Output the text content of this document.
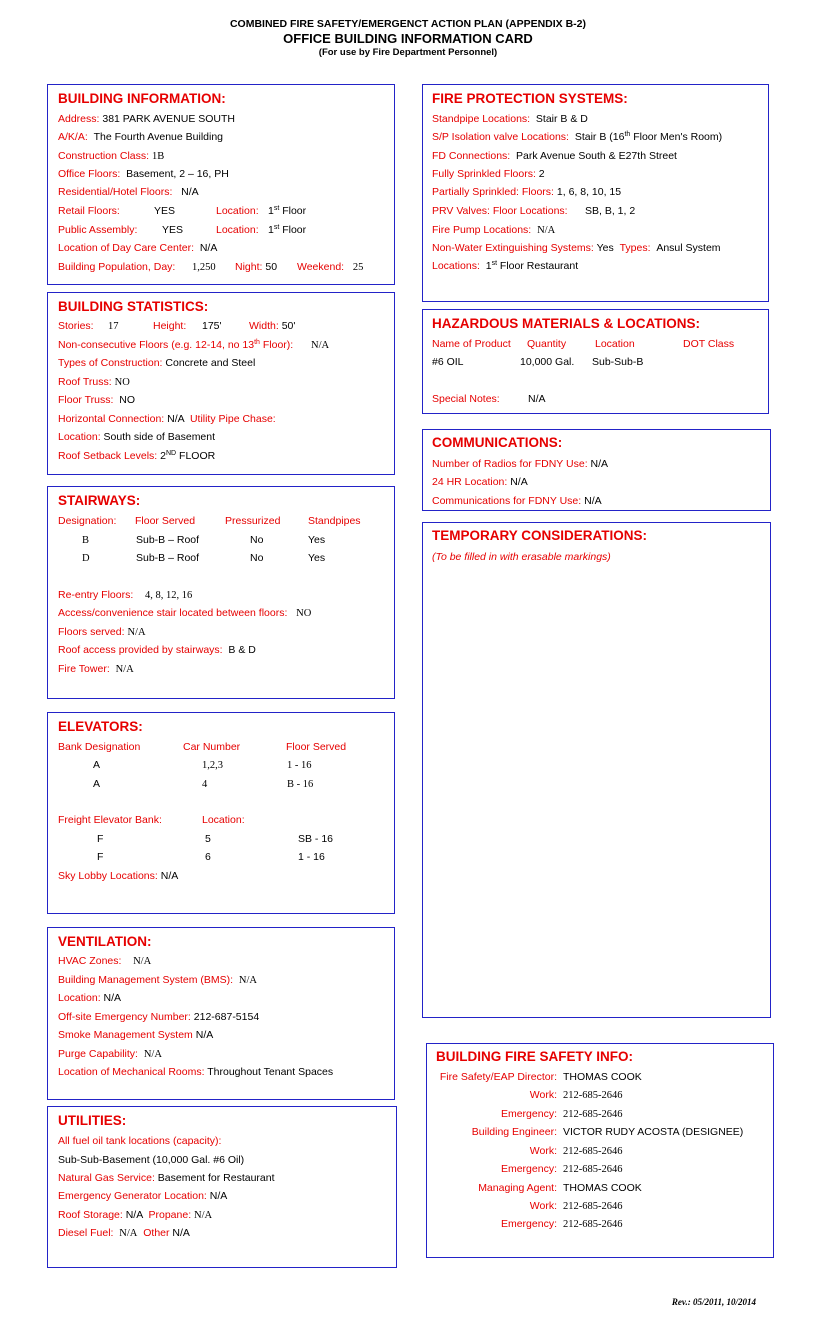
COMBINED FIRE SAFETY/EMERGENCT ACTION PLAN (APPENDIX B-2)
OFFICE BUILDING INFORMATION CARD
(For use by Fire Department Personnel)
BUILDING INFORMATION:
Address: 381 PARK AVENUE SOUTH
A/K/A: The Fourth Avenue Building
Construction Class: 1B
Office Floors: Basement, 2 – 16, PH
Residential/Hotel Floors: N/A
Retail Floors:	YES	Location: 1st Floor
Public Assembly: YES	Location: 1st Floor
Location of Day Care Center: N/A
Building Population, Day: 1,250 Night: 50 Weekend: 25
BUILDING STATISTICS:
Stories: 17	Height: 175'	Width: 50'
Non-consecutive Floors (e.g. 12-14, no 13th Floor): N/A
Types of Construction: Concrete and Steel
Roof Truss: NO
Floor Truss: NO
Horizontal Connection: N/A Utility Pipe Chase:
Location: South side of Basement
Roof Setback Levels: 2ND FLOOR
STAIRWAYS:
Designation: Floor Served	Pressurized	Standpipes
B	Sub-B – Roof	No	Yes
D	Sub-B – Roof	No	Yes
Re-entry Floors: 4, 8, 12, 16
Access/convenience stair located between floors: NO
Floors served: N/A
Roof access provided by stairways: B & D
Fire Tower: N/A
ELEVATORS:
Bank Designation	Car Number	Floor Served
A	1,2,3	1 - 16
A	4	B - 16
Freight Elevator Bank:	Location:
F	5	SB - 16
F	6	1 - 16
Sky Lobby Locations: N/A
VENTILATION:
HVAC Zones: N/A
Building Management System (BMS): N/A
Location: N/A
Off-site Emergency Number: 212-687-5154
Smoke Management System N/A
Purge Capability: N/A
Location of Mechanical Rooms: Throughout Tenant Spaces
UTILITIES:
All fuel oil tank locations (capacity):
Sub-Sub-Basement (10,000 Gal. #6 Oil)
Natural Gas Service: Basement for Restaurant
Emergency Generator Location: N/A
Roof Storage: N/A Propane: N/A
Diesel Fuel: N/A Other N/A
FIRE PROTECTION SYSTEMS:
Standpipe Locations: Stair B & D
S/P Isolation valve Locations: Stair B (16th Floor Men's Room)
FD Connections: Park Avenue South & E27th Street
Fully Sprinkled Floors: 2
Partially Sprinkled: Floors: 1, 6, 8, 10, 15
PRV Valves: Floor Locations: SB, B, 1, 2
Fire Pump Locations: N/A
Non-Water Extinguishing Systems: Yes Types: Ansul System
Locations: 1st Floor Restaurant
HAZARDOUS MATERIALS & LOCATIONS:
Name of Product Quantity	Location	DOT Class
#6 OIL	10,000 Gal. Sub-Sub-B
Special Notes:	N/A
COMMUNICATIONS:
Number of Radios for FDNY Use: N/A
24 HR Location: N/A
Communications for FDNY Use: N/A
TEMPORARY CONSIDERATIONS:
(To be filled in with erasable markings)
BUILDING FIRE SAFETY INFO:
Fire Safety/EAP Director: THOMAS COOK
Work: 212-685-2646
Emergency: 212-685-2646
Building Engineer: VICTOR RUDY ACOSTA (DESIGNEE)
Work: 212-685-2646
Emergency: 212-685-2646
Managing Agent: THOMAS COOK
Work: 212-685-2646
Emergency: 212-685-2646
Rev.: 05/2011, 10/2014
